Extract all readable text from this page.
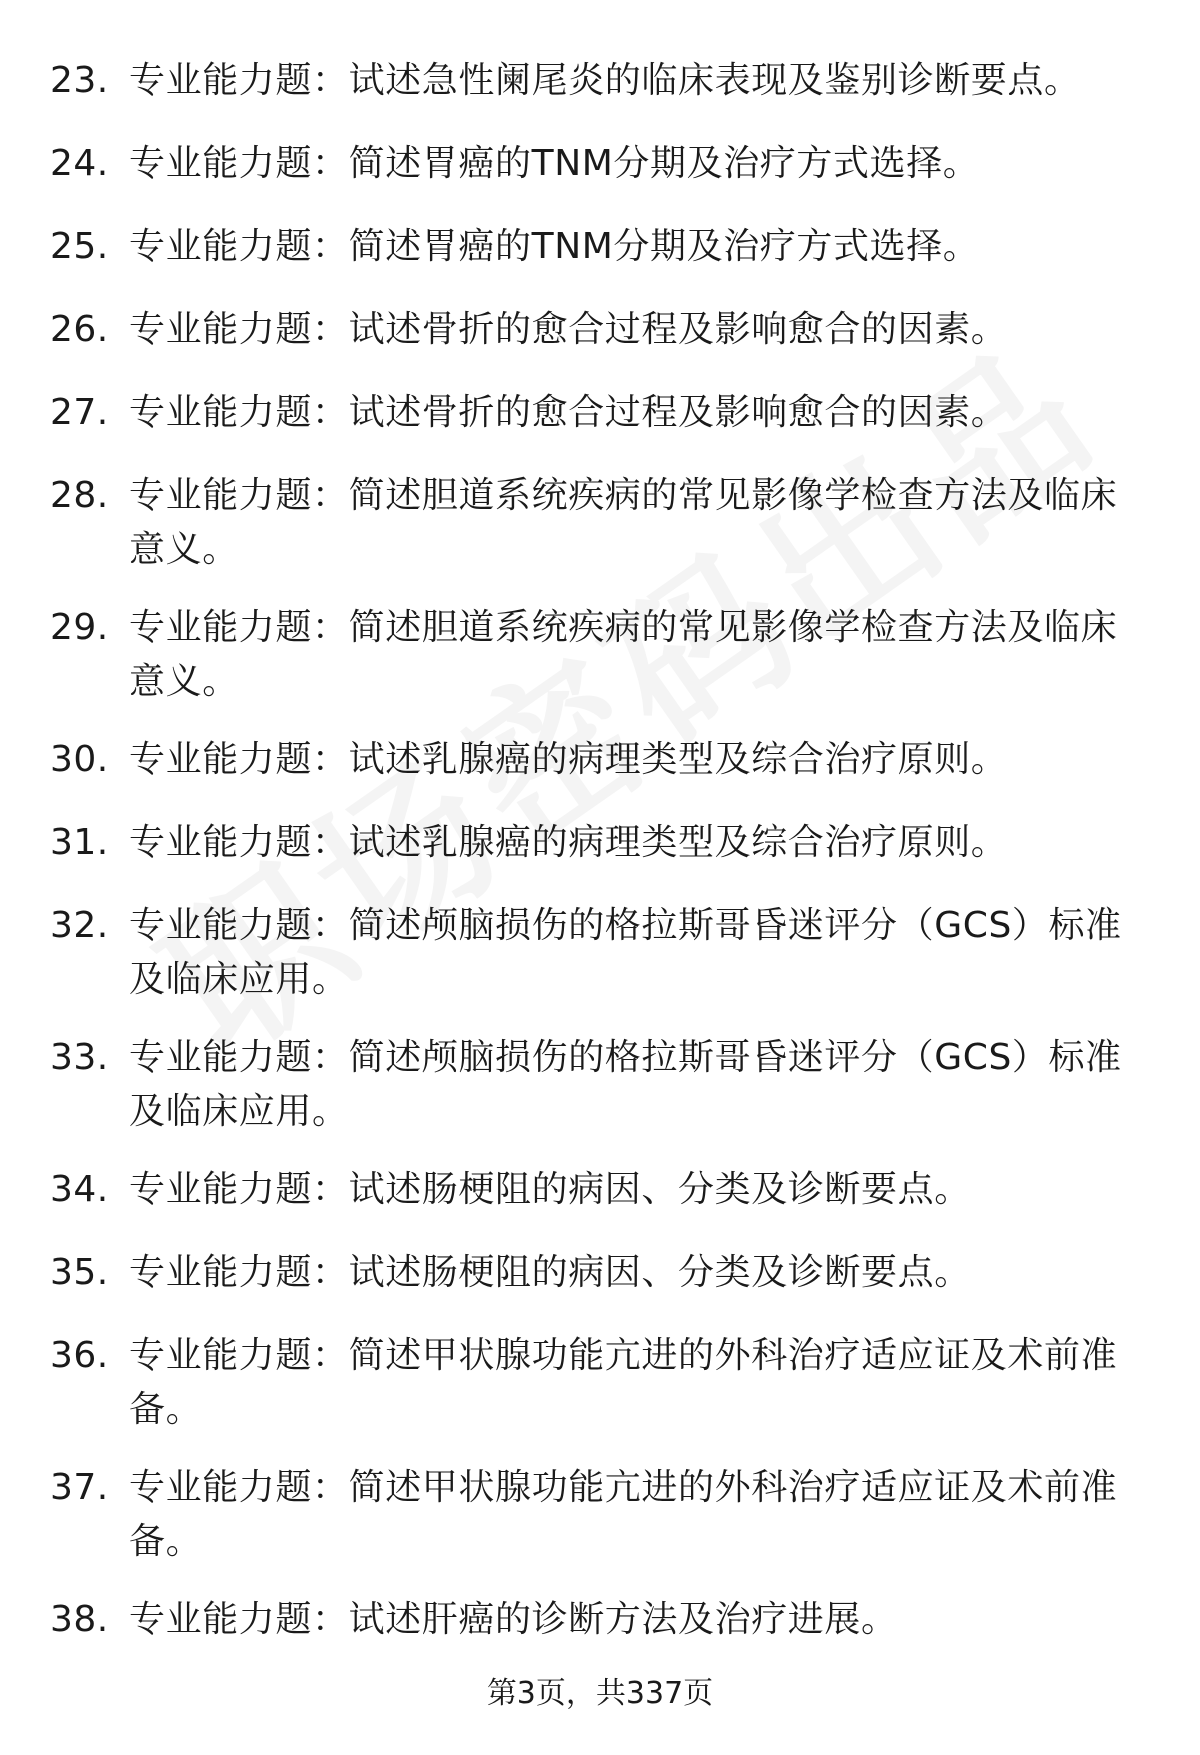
23. 专业能力题：试述急性阑尾炎的临床表现及鉴别诊断要点。
24. 专业能力题：简述胃癌的TNM分期及治疗方式选择。
25. 专业能力题：简述胃癌的TNM分期及治疗方式选择。
26. 专业能力题：试述骨折的愈合过程及影响愈合的因素。
27. 专业能力题：试述骨折的愈合过程及影响愈合的因素。
28. 专业能力题：简述胆道系统疾病的常见影像学检查方法及临床意义。
29. 专业能力题：简述胆道系统疾病的常见影像学检查方法及临床意义。
30. 专业能力题：试述乳腺癌的病理类型及综合治疗原则。
31. 专业能力题：试述乳腺癌的病理类型及综合治疗原则。
32. 专业能力题：简述颅脑损伤的格拉斯哥昏迷评分（GCS）标准及临床应用。
33. 专业能力题：简述颅脑损伤的格拉斯哥昏迷评分（GCS）标准及临床应用。
34. 专业能力题：试述肠梗阻的病因、分类及诊断要点。
35. 专业能力题：试述肠梗阻的病因、分类及诊断要点。
36. 专业能力题：简述甲状腺功能亢进的外科治疗适应证及术前准备。
37. 专业能力题：简述甲状腺功能亢进的外科治疗适应证及术前准备。
38. 专业能力题：试述肝癌的诊断方法及治疗进展。
第3页，共337页
